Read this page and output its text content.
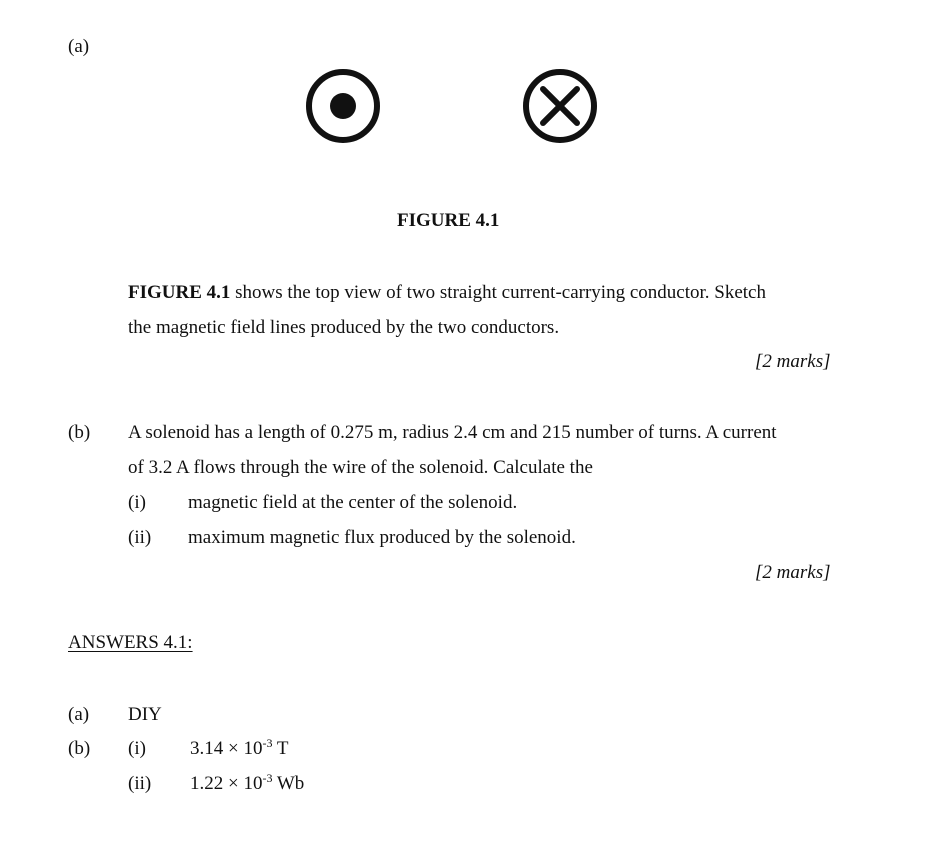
(a)
FIGURE 4.1
FIGURE 4.1 shows the top view of two straight current-carrying conductor. Sketch
the magnetic field lines produced by the two conductors.
[2 marks]
(b) A solenoid has a length of 0.275 m, radius 2.4 cm and 215 number of turns. A current
of 3.2 A flows through the wire of the solenoid. Calculate the
(i) magnetic field at the center of the solenoid.
(ii) maximum magnetic flux produced by the solenoid.
[2 marks]
ANSWERS 4.1:
(a) DIY
(b) (i) $3.14 \times 10^{-3}$ T
(ii) $1.22 \times 10^{-3}$ Wb
